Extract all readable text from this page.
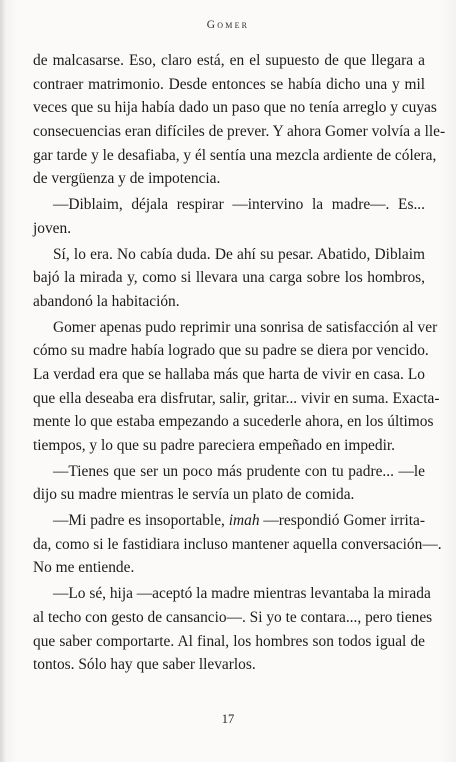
Gomer
de malcasarse. Eso, claro está, en el supuesto de que llegara a
contraer matrimonio. Desde entonces se había dicho una y mil
veces que su hija había dado un paso que no tenía arreglo y cuyas
consecuencias eran difíciles de prever. Y ahora Gomer volvía a lle-
gar tarde y le desafiaba, y él sentía una mezcla ardiente de cólera,
de vergüenza y de impotencia.
—Diblaim, déjala respirar —intervino la madre—. Es...
joven.
Sí, lo era. No cabía duda. De ahí su pesar. Abatido, Diblaim
bajó la mirada y, como si llevara una carga sobre los hombros,
abandonó la habitación.
Gomer apenas pudo reprimir una sonrisa de satisfacción al ver
cómo su madre había logrado que su padre se diera por vencido.
La verdad era que se hallaba más que harta de vivir en casa. Lo
que ella deseaba era disfrutar, salir, gritar... vivir en suma. Exacta-
mente lo que estaba empezando a sucederle ahora, en los últimos
tiempos, y lo que su padre pareciera empeñado en impedir.
—Tienes que ser un poco más prudente con tu padre... —le
dijo su madre mientras le servía un plato de comida.
—Mi padre es insoportable, imah —respondió Gomer irrita-
da, como si le fastidiara incluso mantener aquella conversación—.
No me entiende.
—Lo sé, hija —aceptó la madre mientras levantaba la mirada
al techo con gesto de cansancio—. Si yo te contara..., pero tienes
que saber comportarte. Al final, los hombres son todos igual de
tontos. Sólo hay que saber llevarlos.
17
